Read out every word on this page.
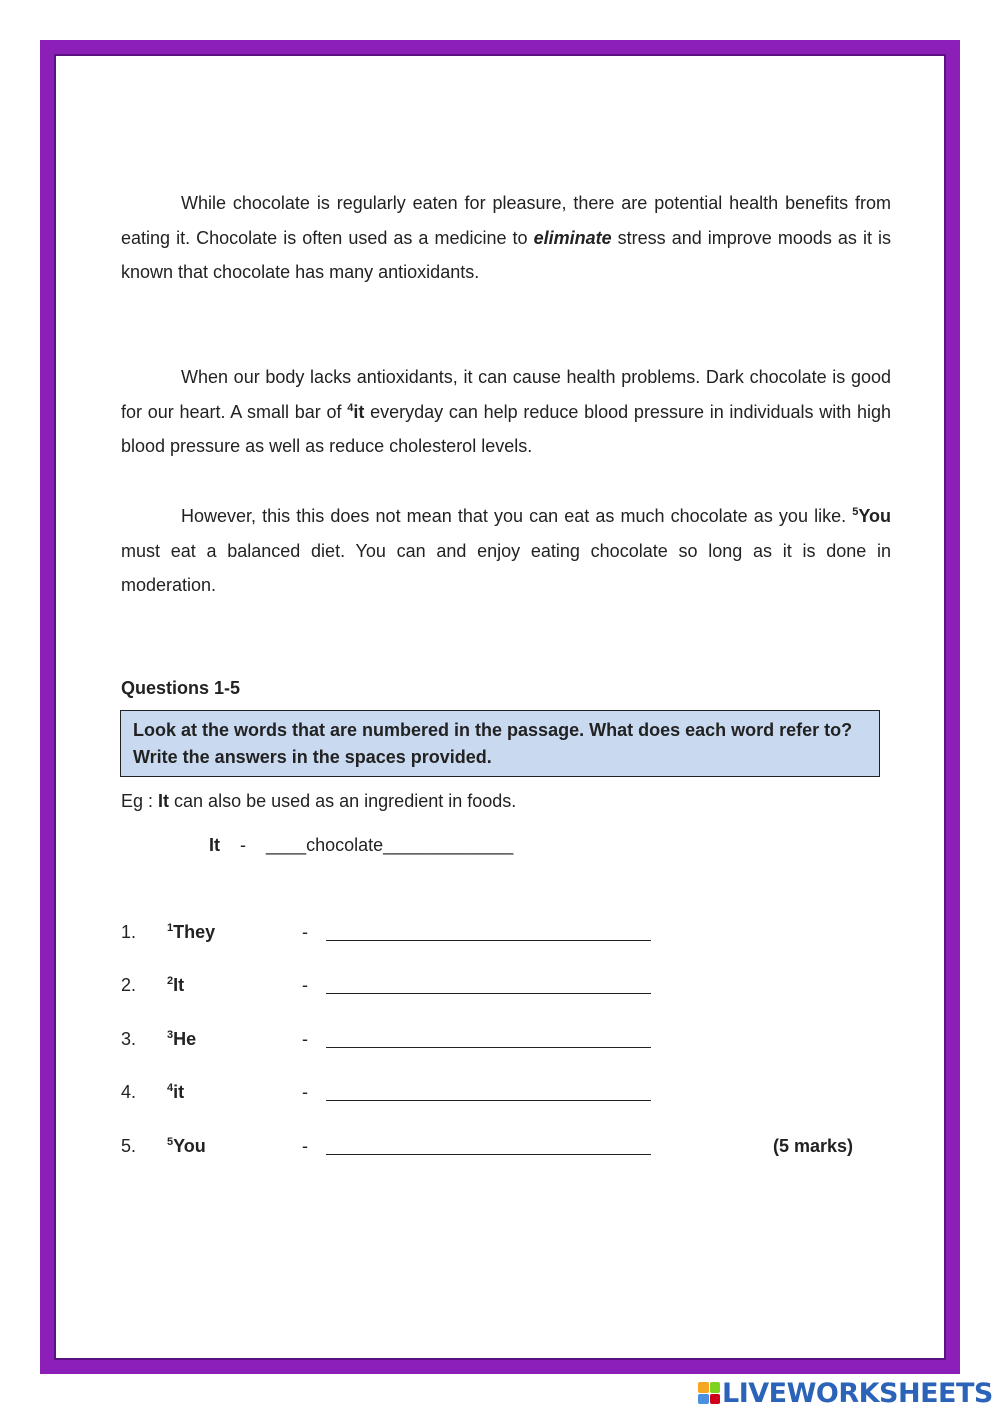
While chocolate is regularly eaten for pleasure, there are potential health benefits from eating it. Chocolate is often used as a medicine to eliminate stress and improve moods as it is known that chocolate has many antioxidants.

When our body lacks antioxidants, it can cause health problems. Dark chocolate is good for our heart. A small bar of $^4$it everyday can help reduce blood pressure in individuals with high blood pressure as well as reduce cholesterol levels.

However, this this does not mean that you can eat as much chocolate as you like. $^5$You must eat a balanced diet. You can and enjoy eating chocolate so long as it is done in moderation.

Questions 1-5

Look at the words that are numbered in the passage. What does each word refer to? Write the answers in the spaces provided.

Eg : It can also be used as an ingredient in foods.

It - ____chocolate_____________
1.	$^1$They	-
2.	$^2$It	-
3.	$^3$He	-
4.	$^4$it	-
5.	$^5$You	-	(5 marks)
LIVEWORKSHEETS
